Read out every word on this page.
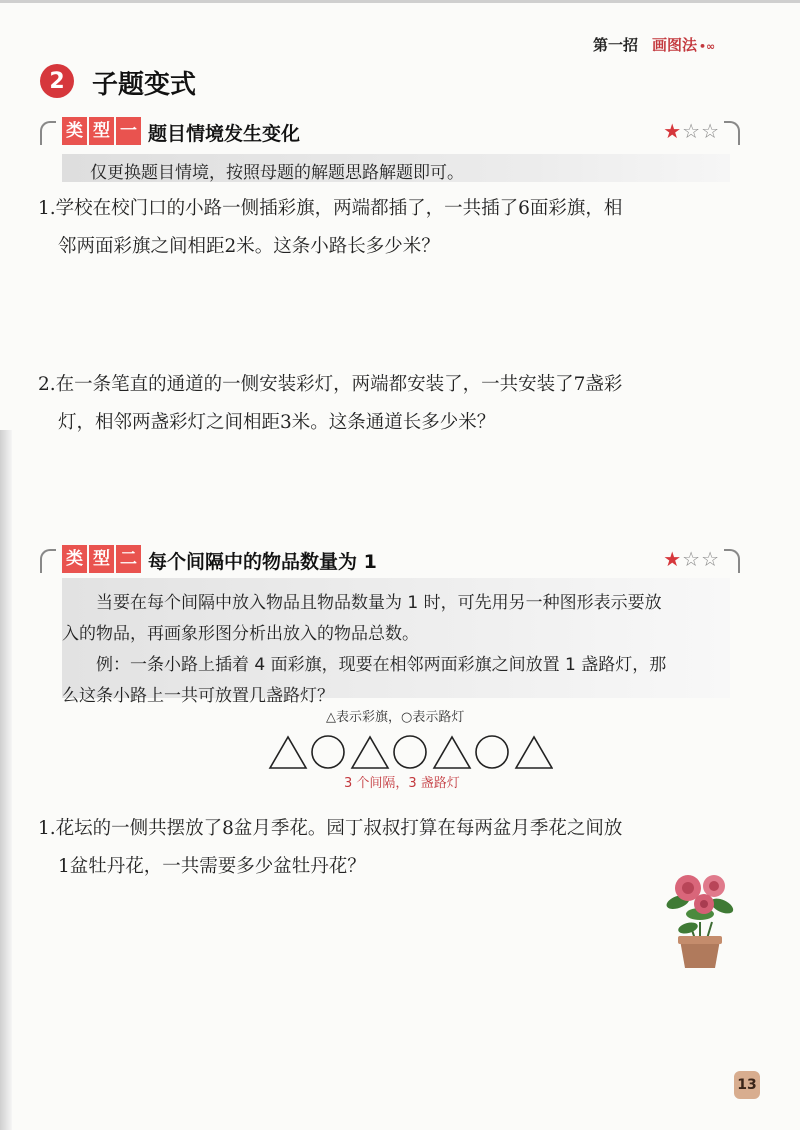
第一招 画图法 •∞
2	子题变式
类 型 一 题目情境发生变化	★☆☆
仅更换题目情境，按照母题的解题思路解题即可。
1.学校在校门口的小路一侧插彩旗，两端都插了，一共插了6面彩旗，相
邻两面彩旗之间相距2米。这条小路长多少米？
2.在一条笔直的通道的一侧安装彩灯，两端都安装了，一共安装了7盏彩
灯，相邻两盏彩灯之间相距3米。这条通道长多少米？
类 型 二 每个间隔中的物品数量为 1	★☆☆
当要在每个间隔中放入物品且物品数量为 1 时，可先用另一种图形表示要放
入的物品，再画象形图分析出放入的物品总数。
例：一条小路上插着 4 面彩旗，现要在相邻两面彩旗之间放置 1 盏路灯，那
么这条小路上一共可放置几盏路灯？
△表示彩旗，○表示路灯
3 个间隔，3 盏路灯
1.花坛的一侧共摆放了8盆月季花。园丁叔叔打算在每两盆月季花之间放
1盆牡丹花，一共需要多少盆牡丹花？
13
